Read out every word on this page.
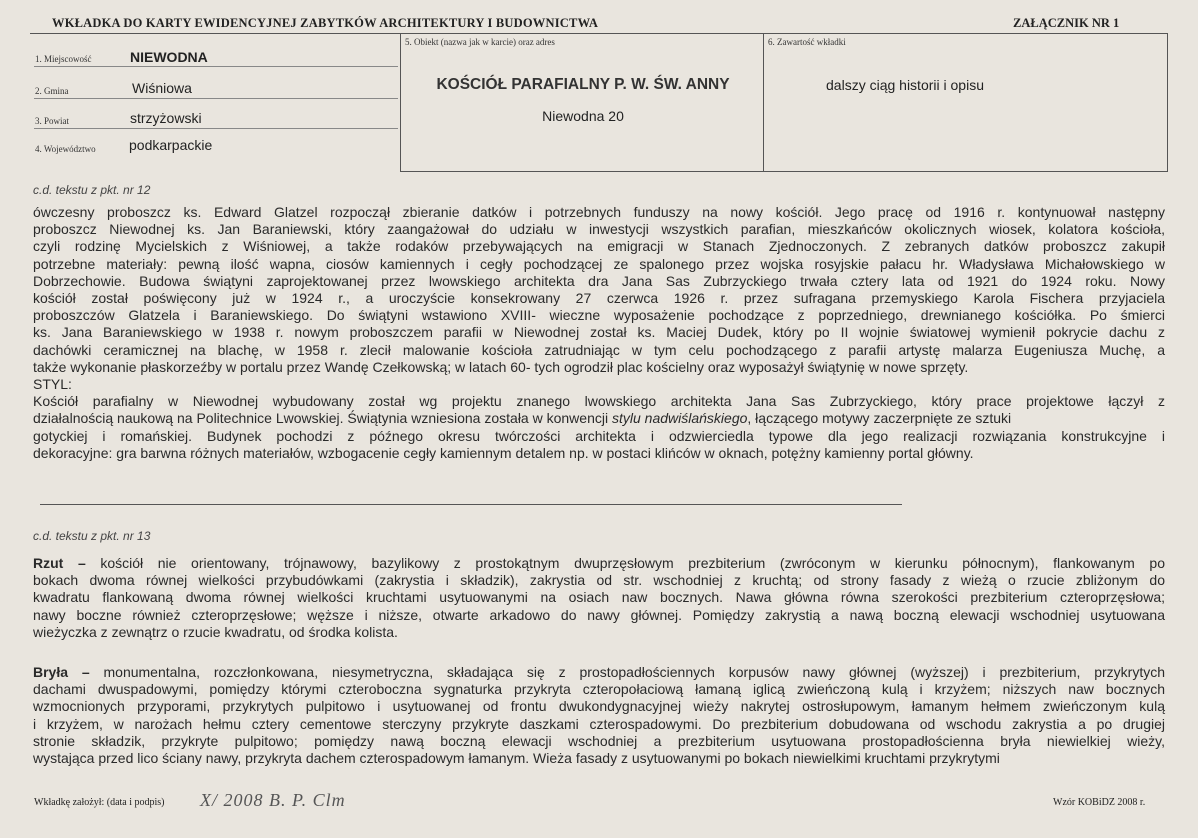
WKŁADKA DO KARTY EWIDENCYJNEJ ZABYTKÓW ARCHITEKTURY I BUDOWNICTWA	ZAŁĄCZNIK NR 1
1. Miejscowość	NIEWODNA
2. Gmina	Wiśniowa
3. Powiat	strzyżowski
4. Województwo podkarpackie
5. Obiekt (nazwa jak w karcie) oraz adres
KOŚCIÓŁ PARAFIALNY P. W. ŚW. ANNY
Niewodna 20
6. Zawartość wkładki
dalszy ciąg historii i opisu
c.d. tekstu z pkt. nr 12
ówczesny proboszcz ks. Edward Glatzel rozpoczął zbieranie datków i potrzebnych funduszy na nowy kościół. Jego pracę od 1916 r. kontynuował następny
proboszcz Niewodnej ks. Jan Baraniewski, który zaangażował do udziału w inwestycji wszystkich parafian, mieszkańców okolicznych wiosek, kolatora kościoła,
czyli rodzinę Mycielskich z Wiśniowej, a także rodaków przebywających na emigracji w Stanach Zjednoczonych. Z zebranych datków proboszcz zakupił
potrzebne materiały: pewną ilość wapna, ciosów kamiennych i cegły pochodzącej ze spalonego przez wojska rosyjskie pałacu hr. Władysława Michałowskiego w
Dobrzechowie. Budowa świątyni zaprojektowanej przez lwowskiego architekta dra Jana Sas Zubrzyckiego trwała cztery lata od 1921 do 1924 roku. Nowy
kościół został poświęcony już w 1924 r., a uroczyście konsekrowany 27 czerwca 1926 r. przez sufragana przemyskiego Karola Fischera przyjaciela
proboszczów Glatzela i Baraniewskiego. Do świątyni wstawiono XVIII- wieczne wyposażenie pochodzące z poprzedniego, drewnianego kościółka. Po śmierci
ks. Jana Baraniewskiego w 1938 r. nowym proboszczem parafii w Niewodnej został ks. Maciej Dudek, który po II wojnie światowej wymienił pokrycie dachu z
dachówki ceramicznej na blachę, w 1958 r. zlecił malowanie kościoła zatrudniając w tym celu pochodzącego z parafii artystę malarza Eugeniusza Muchę, a
także wykonanie płaskorzeźby w portalu przez Wandę Czełkowską; w latach 60- tych ogrodził plac kościelny oraz wyposażył świątynię w nowe sprzęty.
STYL:
Kościół parafialny w Niewodnej wybudowany został wg projektu znanego lwowskiego architekta Jana Sas Zubrzyckiego, który prace projektowe łączył z
działalnością naukową na Politechnice Lwowskiej. Świątynia wzniesiona została w konwencji stylu nadwiślańskiego, łączącego motywy zaczerpnięte ze sztuki
gotyckiej i romańskiej. Budynek pochodzi z późnego okresu twórczości architekta i odzwierciedla typowe dla jego realizacji rozwiązania konstrukcyjne i
dekoracyjne: gra barwna różnych materiałów, wzbogacenie cegły kamiennym detalem np. w postaci klińców w oknach, potężny kamienny portal główny.
c.d. tekstu z pkt. nr 13
Rzut – kościół nie orientowany, trójnawowy, bazylikowy z prostokątnym dwuprzęsłowym prezbiterium (zwróconym w kierunku północnym), flankowanym po
bokach dwoma równej wielkości przybudówkami (zakrystia i składzik), zakrystia od str. wschodniej z kruchtą; od strony fasady z wieżą o rzucie zbliżonym do
kwadratu flankowaną dwoma równej wielkości kruchtami usytuowanymi na osiach naw bocznych. Nawa główna równa szerokości prezbiterium czteroprzęsłowa;
nawy boczne również czteroprzęsłowe; węższe i niższe, otwarte arkadowo do nawy głównej. Pomiędzy zakrystią a nawą boczną elewacji wschodniej usytuowana
wieżyczka z zewnątrz o rzucie kwadratu, od środka kolista.
Bryła – monumentalna, rozczłonkowana, niesymetryczna, składająca się z prostopadłościennych korpusów nawy głównej (wyższej) i prezbiterium, przykrytych
dachami dwuspadowymi, pomiędzy którymi czteroboczna sygnaturka przykryta czteropołaciową łamaną iglicą zwieńczoną kulą i krzyżem; niższych naw bocznych
wzmocnionych przyporami, przykrytych pulpitowo i usytuowanej od frontu dwukondygnacyjnej wieży nakrytej ostrosłupowym, łamanym hełmem zwieńczonym kulą
i krzyżem, w narożach hełmu cztery cementowe sterczyny przykryte daszkami czterospadowymi. Do prezbiterium dobudowana od wschodu zakrystia a po drugiej
stronie składzik, przykryte pulpitowo; pomiędzy nawą boczną elewacji wschodniej a prezbiterium usytuowana prostopadłościenna bryła niewielkiej wieży,
wystająca przed lico ściany nawy, przykryta dachem czterospadowym łamanym. Wieża fasady z usytuowanymi po bokach niewielkimi kruchtami przykrytymi
Wkładkę założył: (data i podpis) X/ 2008 B. P. Clm	Wzór KOBiDZ 2008 r.
